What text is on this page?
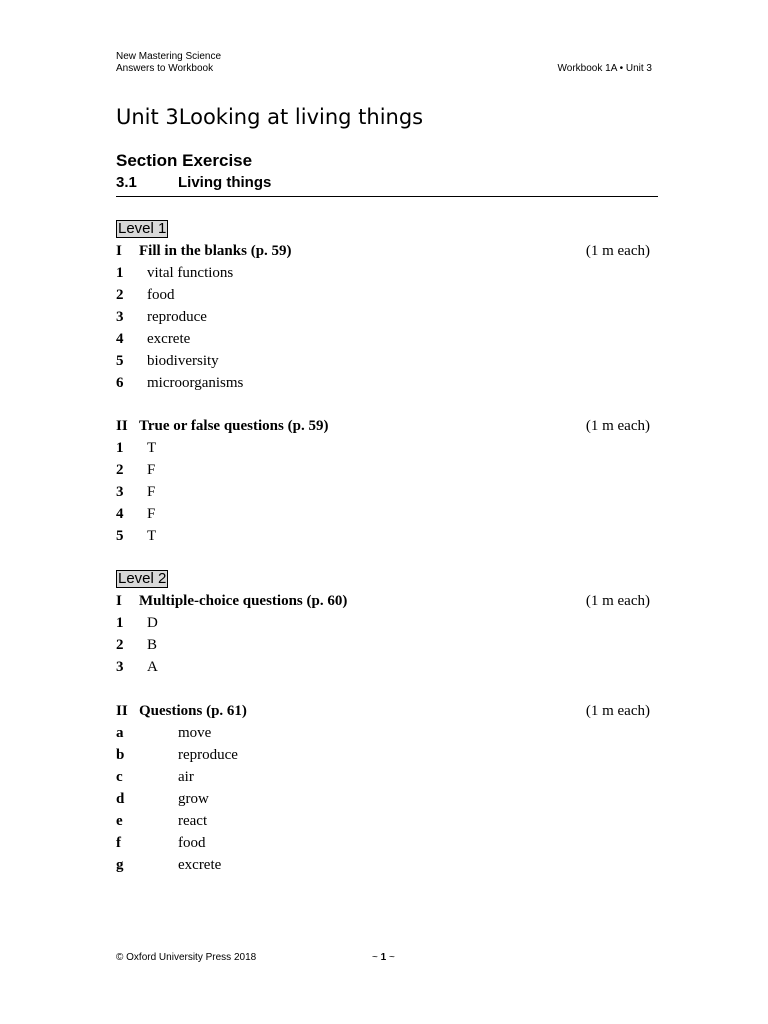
New Mastering Science
Answers to Workbook	Workbook 1A • Unit 3
Unit 3Looking at living things
Section Exercise
3.1	Living things
Level 1
I Fill in the blanks (p. 59)	(1 m each)
1 vital functions
2 food
3 reproduce
4 excrete
5 biodiversity
6 microorganisms
II True or false questions (p. 59)	(1 m each)
1 T
2 F
3 F
4 F
5 T
Level 2
I Multiple-choice questions (p. 60)	(1 m each)
1 D
2 B
3 A
II Questions (p. 61)	(1 m each)
a	move
b	reproduce
c	air
d	grow
e	react
f	food
g	excrete
© Oxford University Press 2018	~ 1 ~
